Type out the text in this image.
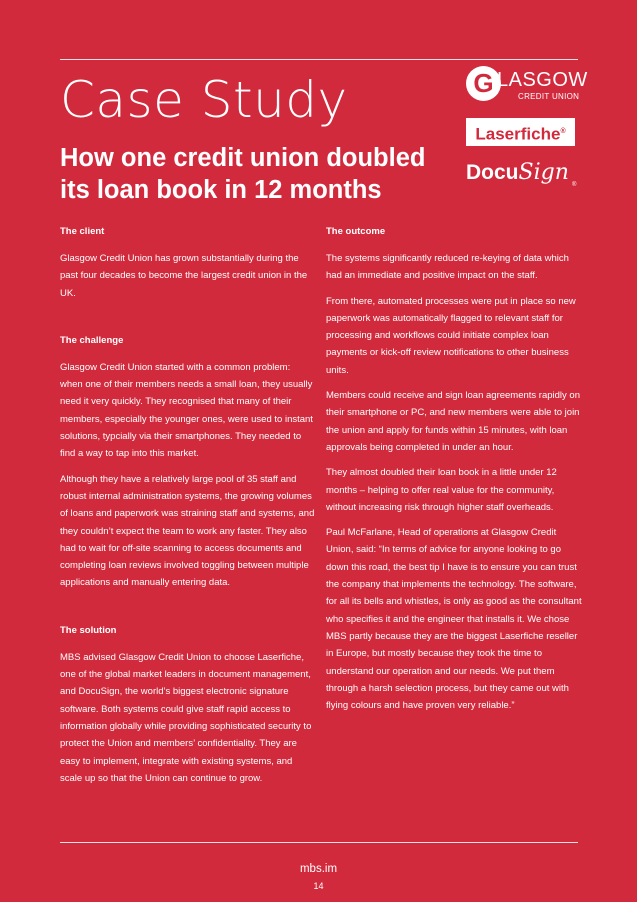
Case Study
How one credit union doubled its loan book in 12 months
G LASGOW
CREDIT UNION
Laserfiche®
DocuSign ®
The client

Glasgow Credit Union has grown substantially during the past four decades to become the largest credit union in the UK.

The challenge

Glasgow Credit Union started with a common problem: when one of their members needs a small loan, they usually need it very quickly. They recognised that many of their members, especially the younger ones, were used to instant solutions, typcially via their smartphones. They needed to find a way to tap into this market.

Although they have a relatively large pool of 35 staff and robust internal administration systems, the growing volumes of loans and paperwork was straining staff and systems, and they couldn’t expect the team to work any faster. They also had to wait for off-site scanning to access documents and completing loan reviews involved toggling between multiple applications and manually entering data.

The solution

MBS advised Glasgow Credit Union to choose Laserfiche, one of the global market leaders in document management, and DocuSign, the world’s biggest electronic signature software. Both systems could give staff rapid access to information globally while providing sophisticated security to protect the Union and members’ confidentiality. They are easy to implement, integrate with existing systems, and scale up so that the Union can continue to grow.

The outcome

The systems significantly reduced re-keying of data which had an immediate and positive impact on the staff.

From there, automated processes were put in place so new paperwork was automatically flagged to relevant staff for processing and workflows could initiate complex loan payments or kick-off review notifications to other business units.

Members could receive and sign loan agreements rapidly on their smartphone or PC, and new members were able to join the union and apply for funds within 15 minutes, with loan approvals being completed in under an hour.

They almost doubled their loan book in a little under 12 months – helping to offer real value for the community, without increasing risk through higher staff overheads.

Paul McFarlane, Head of operations at Glasgow Credit Union, said: “In terms of advice for anyone looking to go down this road, the best tip I have is to ensure you can trust the company that implements the technology. The software, for all its bells and whistles, is only as good as the consultant who specifies it and the engineer that installs it. We chose MBS partly because they are the biggest Laserfiche reseller in Europe, but mostly because they took the time to understand our operation and our needs. We put them through a harsh selection process, but they came out with flying colours and have proven very reliable.”

mbs.im
14
